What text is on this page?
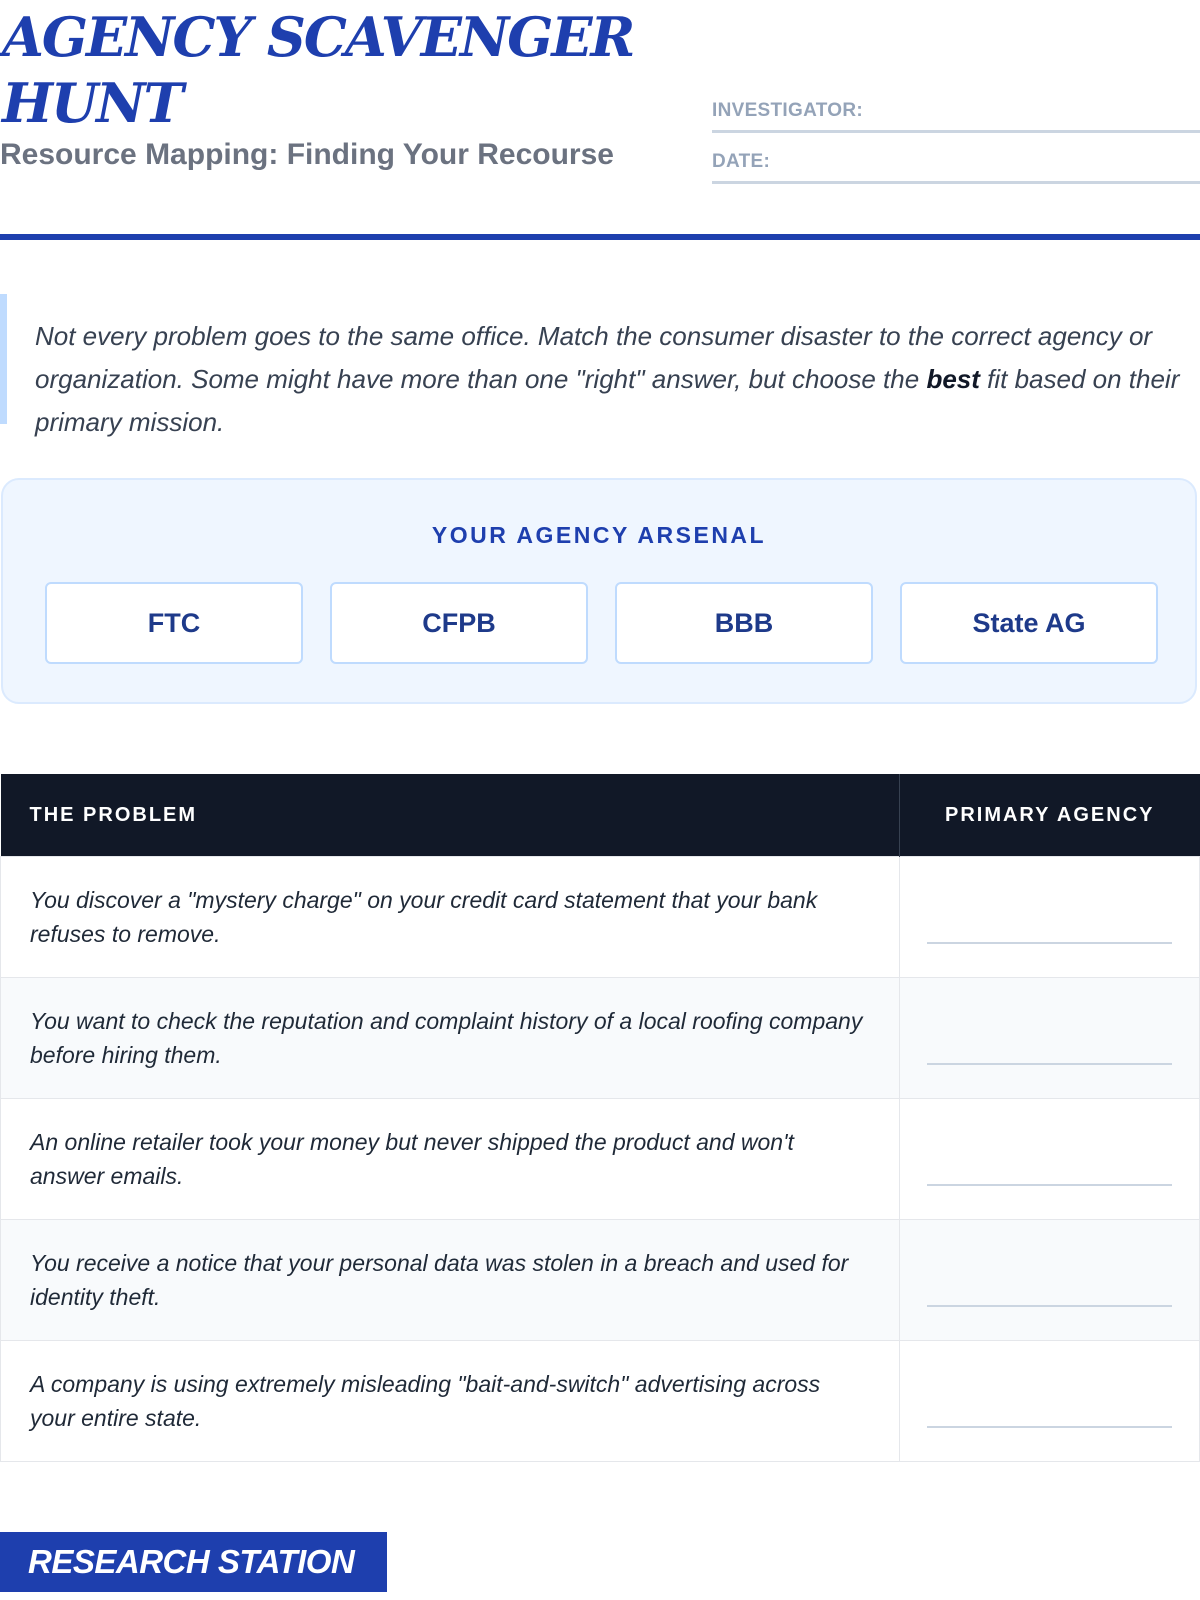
AGENCY SCAVENGER HUNT
Resource Mapping: Finding Your Recourse
INVESTIGATOR:
DATE:

Not every problem goes to the same office. Match the consumer disaster to the correct agency or organization. Some might have more than one "right" answer, but choose the best fit based on their primary mission.

YOUR AGENCY ARSENAL
FTC	CFPB	BBB	State AG
THE PROBLEM	PRIMARY AGENCY

You discover a "mystery charge" on your credit card statement that your bank refuses to remove.	

You want to check the reputation and complaint history of a local roofing company before hiring them.	

An online retailer took your money but never shipped the product and won't answer emails.	

You receive a notice that your personal data was stolen in a breach and used for identity theft.	

A company is using extremely misleading "bait-and-switch" advertising across your entire state.	

RESEARCH STATION
